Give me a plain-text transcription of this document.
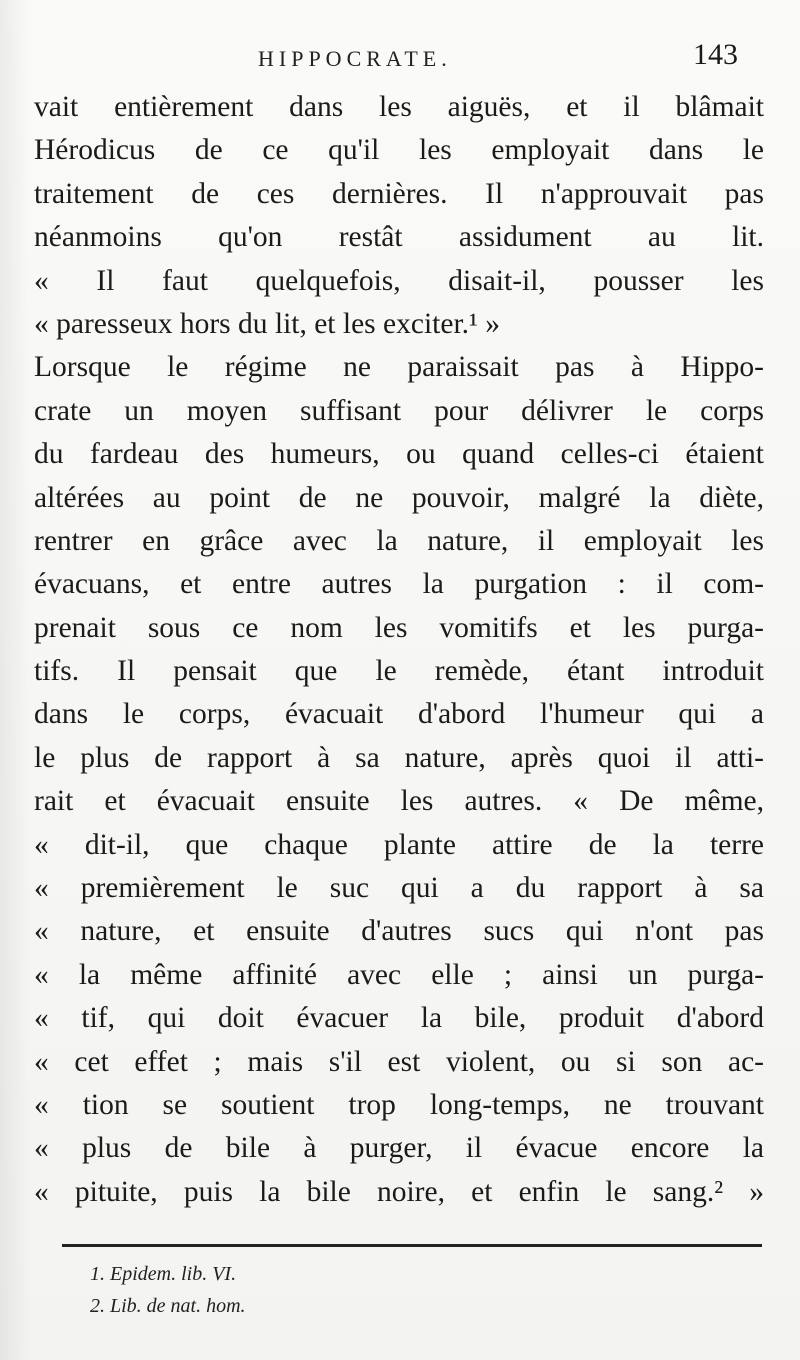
HIPPOCRATE.	143
vait entièrement dans les aiguës, et il blâmait
Hérodicus de ce qu'il les employait dans le
traitement de ces dernières. Il n'approuvait pas
néanmoins qu'on restât assidument au lit.
« Il faut quelquefois, disait-il, pousser les
« paresseux hors du lit, et les exciter.¹ »
Lorsque le régime ne paraissait pas à Hippo-
crate un moyen suffisant pour délivrer le corps
du fardeau des humeurs, ou quand celles-ci étaient
altérées au point de ne pouvoir, malgré la diète,
rentrer en grâce avec la nature, il employait les
évacuans, et entre autres la purgation : il com-
prenait sous ce nom les vomitifs et les purga-
tifs. Il pensait que le remède, étant introduit
dans le corps, évacuait d'abord l'humeur qui a
le plus de rapport à sa nature, après quoi il atti-
rait et évacuait ensuite les autres. « De même,
« dit-il, que chaque plante attire de la terre
« premièrement le suc qui a du rapport à sa
« nature, et ensuite d'autres sucs qui n'ont pas
« la même affinité avec elle ; ainsi un purga-
« tif, qui doit évacuer la bile, produit d'abord
« cet effet ; mais s'il est violent, ou si son ac-
« tion se soutient trop long-temps, ne trouvant
« plus de bile à purger, il évacue encore la
« pituite, puis la bile noire, et enfin le sang.² »
1. Epidem. lib. VI.
2. Lib. de nat. hom.
